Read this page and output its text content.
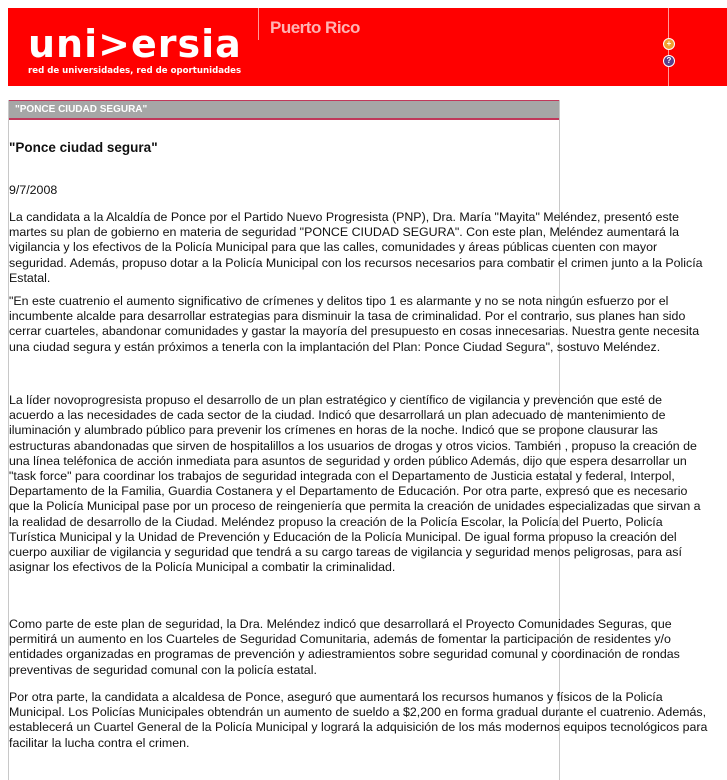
uni>ersia
red de universidades, red de oportunidades
Puerto Rico
+
?
"PONCE CIUDAD SEGURA"
"Ponce ciudad segura"
9/7/2008

La candidata a la Alcaldía de Ponce por el Partido Nuevo Progresista (PNP), Dra. María "Mayita" Meléndez, presentó este martes su plan de gobierno en materia de seguridad "PONCE CIUDAD SEGURA". Con este plan, Meléndez aumentará la vigilancia y los efectivos de la Policía Municipal para que las calles, comunidades y áreas públicas cuenten con mayor seguridad. Además, propuso dotar a la Policía Municipal con los recursos necesarios para combatir el crimen junto a la Policía Estatal.

"En este cuatrenio el aumento significativo de crímenes y delitos tipo 1 es alarmante y no se nota ningún esfuerzo por el incumbente alcalde para desarrollar estrategias para disminuir la tasa de criminalidad. Por el contrario, sus planes han sido cerrar cuarteles, abandonar comunidades y gastar la mayoría del presupuesto en cosas innecesarias. Nuestra gente necesita una ciudad segura y están próximos a tenerla con la implantación del Plan: Ponce Ciudad Segura", sostuvo Meléndez.

La líder novoprogresista propuso el desarrollo de un plan estratégico y científico de vigilancia y prevención que esté de acuerdo a las necesidades de cada sector de la ciudad. Indicó que desarrollará un plan adecuado de mantenimiento de iluminación y alumbrado público para prevenir los crímenes en horas de la noche. Indicó que se propone clausurar las estructuras abandonadas que sirven de hospitalillos a los usuarios de drogas y otros vicios. También , propuso la creación de una línea teléfonica de acción inmediata para asuntos de seguridad y orden público Además, dijo que espera desarrollar un "task force" para coordinar los trabajos de seguridad integrada con el Departamento de Justicia estatal y federal, Interpol, Departamento de la Familia, Guardia Costanera y el Departamento de Educación. Por otra parte, expresó que es necesario que la Policía Municipal pase por un proceso de reingeniería que permita la creación de unidades especializadas que sirvan a la realidad de desarrollo de la Ciudad. Meléndez propuso la creación de la Policía Escolar, la Policía del Puerto, Policía Turística Municipal y la Unidad de Prevención y Educación de la Policía Municipal. De igual forma propuso la creación del cuerpo auxiliar de vigilancia y seguridad que tendrá a su cargo tareas de vigilancia y seguridad menos peligrosas, para así asignar los efectivos de la Policía Municipal a combatir la criminalidad.

Como parte de este plan de seguridad, la Dra. Meléndez indicó que desarrollará el Proyecto Comunidades Seguras, que permitirá un aumento en los Cuarteles de Seguridad Comunitaria, además de fomentar la participación de residentes y/o entidades organizadas en programas de prevención y adiestramientos sobre seguridad comunal y coordinación de rondas preventivas de seguridad comunal con la policía estatal.

Por otra parte, la candidata a alcaldesa de Ponce, aseguró que aumentará los recursos humanos y físicos de la Policía Municipal. Los Policías Municipales obtendrán un aumento de sueldo a $2,200 en forma gradual durante el cuatrenio. Además, establecerá un Cuartel General de la Policía Municipal y logrará la adquisición de los más modernos equipos tecnológicos para facilitar la lucha contra el crimen.
